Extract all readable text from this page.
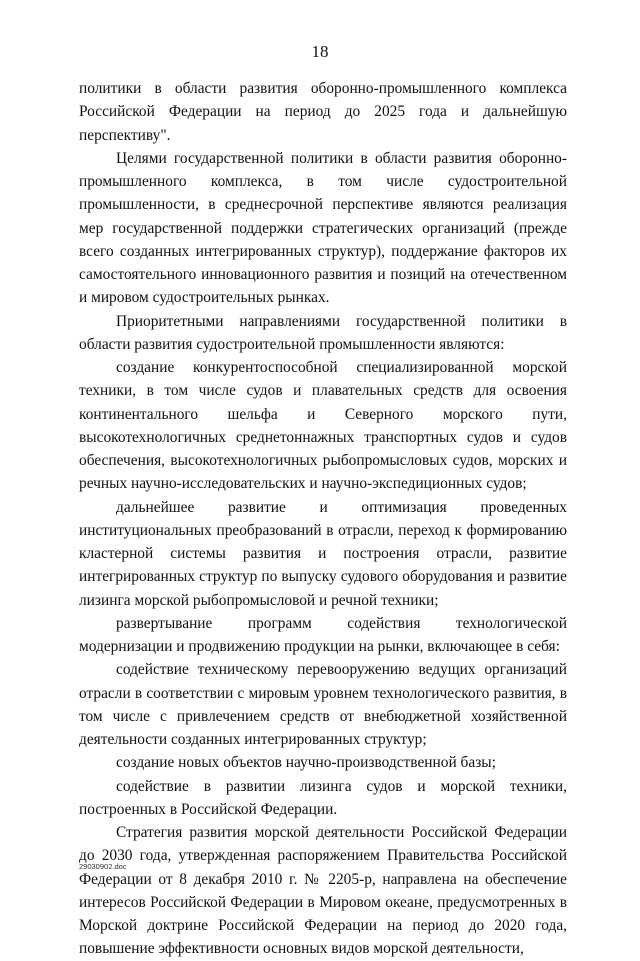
18

политики в области развития оборонно-промышленного комплекса Российской Федерации на период до 2025 года и дальнейшую перспективу".

Целями государственной политики в области развития оборонно-промышленного комплекса, в том числе судостроительной промышленности, в среднесрочной перспективе являются реализация мер государственной поддержки стратегических организаций (прежде всего созданных интегрированных структур), поддержание факторов их самостоятельного инновационного развития и позиций на отечественном и мировом судостроительных рынках.

Приоритетными направлениями государственной политики в области развития судостроительной промышленности являются:

создание конкурентоспособной специализированной морской техники, в том числе судов и плавательных средств для освоения континентального шельфа и Северного морского пути, высокотехнологичных среднетоннажных транспортных судов и судов обеспечения, высокотехнологичных рыбопромысловых судов, морских и речных научно-исследовательских и научно-экспедиционных судов;

дальнейшее развитие и оптимизация проведенных институциональных преобразований в отрасли, переход к формированию кластерной системы развития и построения отрасли, развитие интегрированных структур по выпуску судового оборудования и развитие лизинга морской рыбопромысловой и речной техники;

развертывание программ содействия технологической модернизации и продвижению продукции на рынки, включающее в себя:

содействие техническому перевооружению ведущих организаций отрасли в соответствии с мировым уровнем технологического развития, в том числе с привлечением средств от внебюджетной хозяйственной деятельности созданных интегрированных структур;

создание новых объектов научно-производственной базы;

содействие в развитии лизинга судов и морской техники, построенных в Российской Федерации.

Стратегия развития морской деятельности Российской Федерации до 2030 года, утвержденная распоряжением Правительства Российской Федерации от 8 декабря 2010 г. № 2205-р, направлена на обеспечение интересов Российской Федерации в Мировом океане, предусмотренных в Морской доктрине Российской Федерации на период до 2020 года, повышение эффективности основных видов морской деятельности,

29030902.doc
